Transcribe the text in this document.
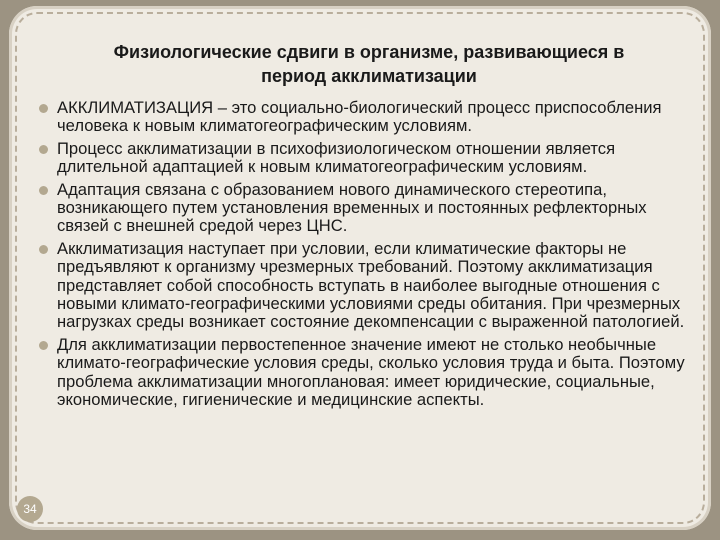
Физиологические сдвиги в организме, развивающиеся в
период акклиматизации
АККЛИМАТИЗАЦИЯ – это социально-биологический процесс приспособления человека к новым климатогеографическим условиям.
Процесс акклиматизации в психофизиологическом отношении является длительной адаптацией к новым климатогеографическим условиям.
Адаптация связана с образованием нового динамического стереотипа, возникающего путем установления временных и постоянных рефлекторных связей с внешней средой через ЦНС.
Акклиматизация наступает при условии, если климатические факторы не предъявляют к организму чрезмерных требований. Поэтому акклиматизация представляет собой способность вступать в наиболее выгодные отношения с новыми климато-географическими условиями среды обитания. При чрезмерных нагрузках среды возникает состояние декомпенсации с выраженной патологией.
Для акклиматизации первостепенное значение имеют не столько необычные климато-географические условия среды, сколько условия труда и быта. Поэтому проблема акклиматизации многоплановая: имеет юридические, социальные, экономические, гигиенические и медицинские аспекты.
34
